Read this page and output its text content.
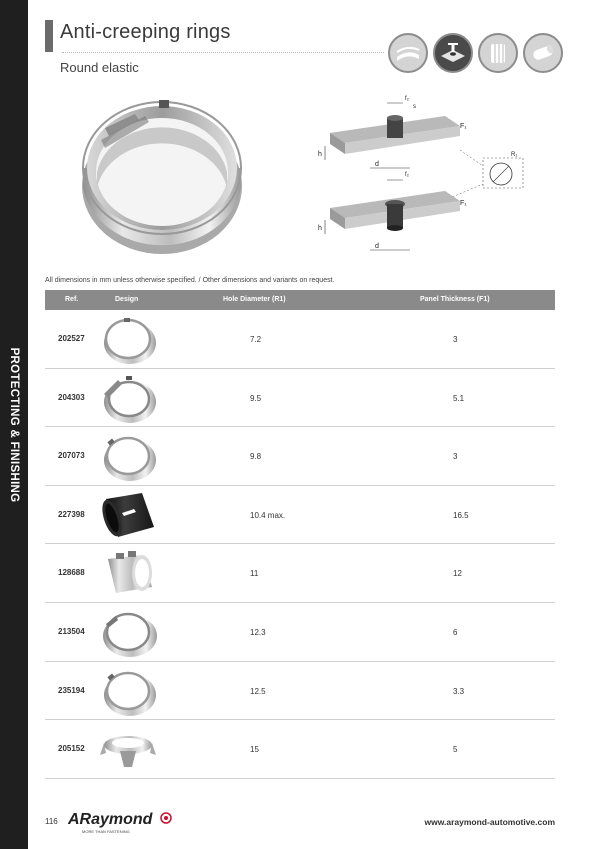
PROTECTING & FINISHING
Anti-creeping rings
Round elastic
h
F₁
f₂
s
d
R₁
h
F₁
f₂
d
All dimensions in mm unless otherwise specified. / Other dimensions and variants on request.
Ref.	Design	Hole Diameter (R1)	Panel Thickness (F1)
202527	7.2	3
204303	9.5	5.1
207073	9.8	3
227398	10.4 max.	16.5
128688	11	12
213504	12.3	6
235194	12.5	3.3
205152	15	5
116 ARaymond
MORE THAN FASTENING
www.araymond-automotive.com
